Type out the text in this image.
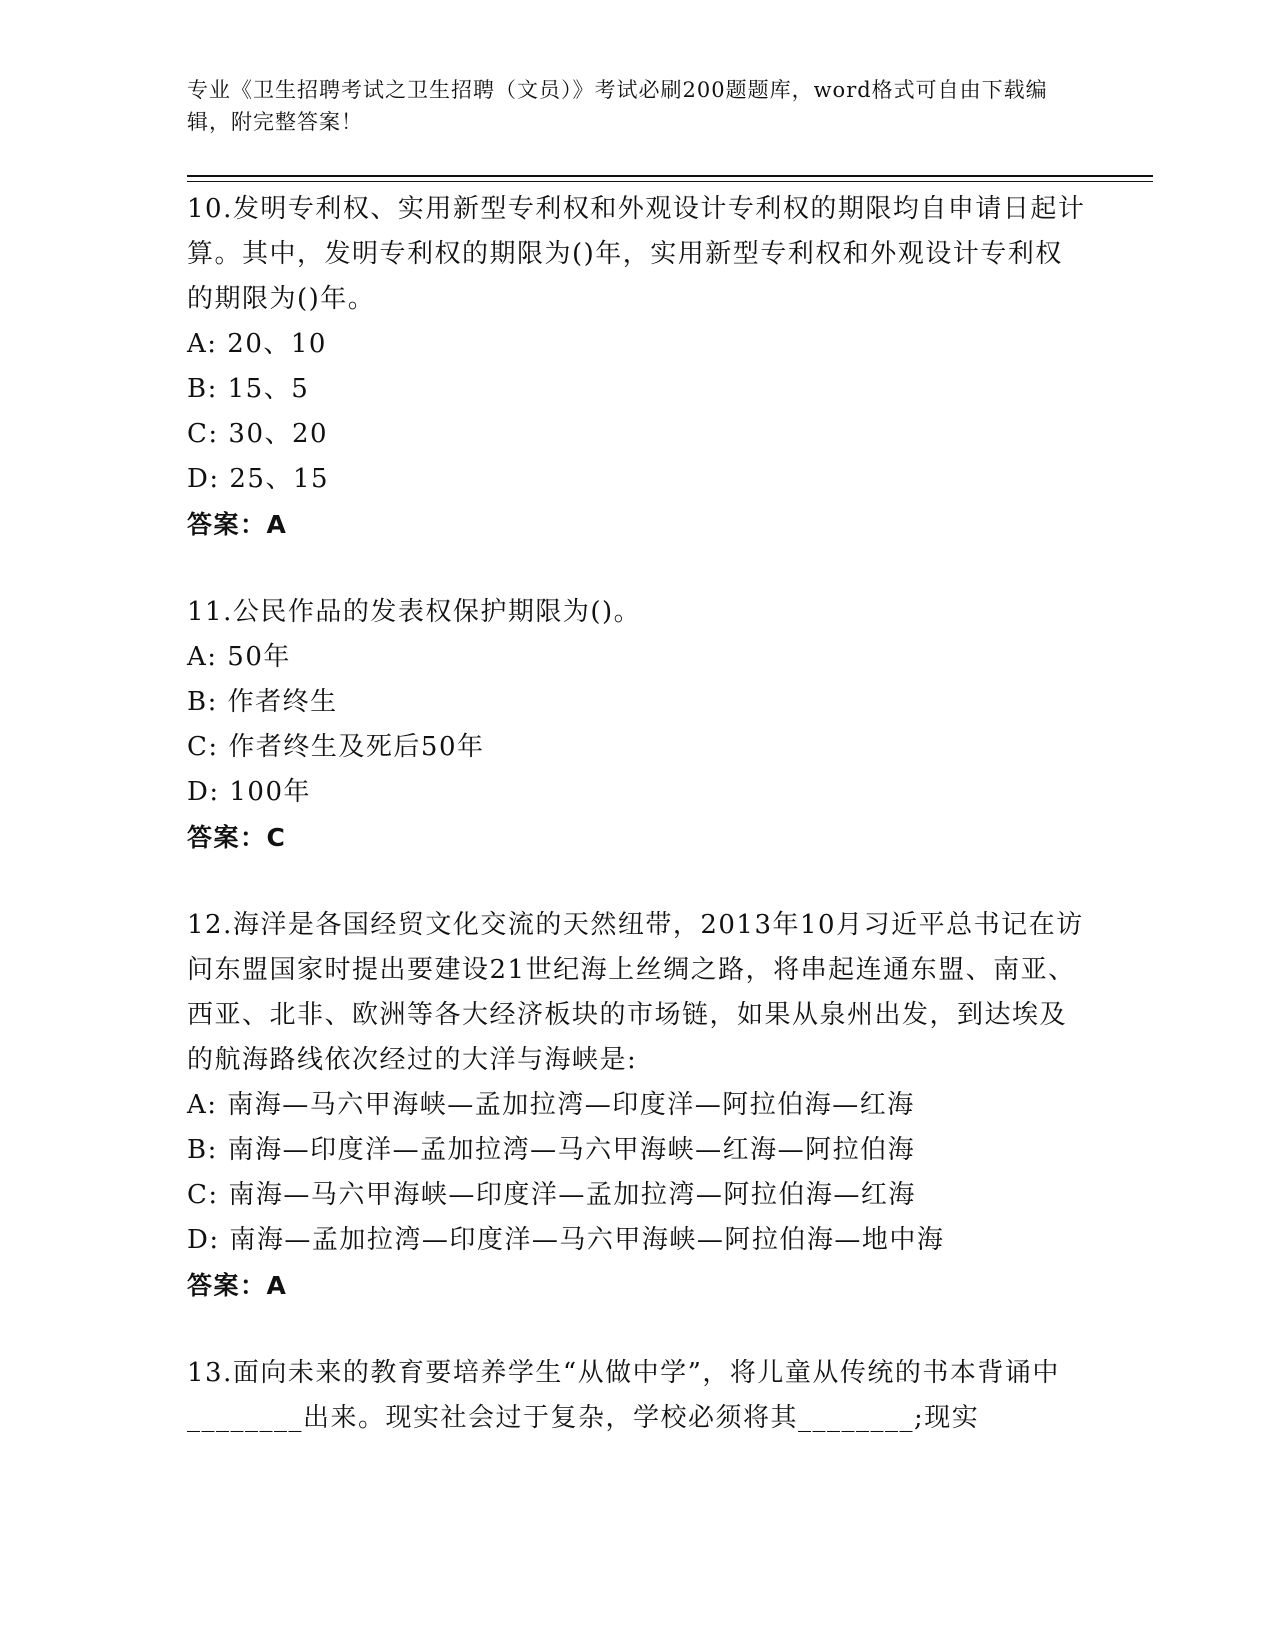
专业《卫生招聘考试之卫生招聘（文员）》考试必刷200题题库，word格式可自由下载编辑，附完整答案！

10.发明专利权、实用新型专利权和外观设计专利权的期限均自申请日起计算。其中，发明专利权的期限为()年，实用新型专利权和外观设计专利权的期限为()年。

A: 20、10

B: 15、5

C: 30、20

D: 25、15

答案：A

11.公民作品的发表权保护期限为()。

A: 50年

B: 作者终生

C: 作者终生及死后50年

D: 100年

答案：C

12.海洋是各国经贸文化交流的天然纽带，2013年10月习近平总书记在访问东盟国家时提出要建设21世纪海上丝绸之路，将串起连通东盟、南亚、西亚、北非、欧洲等各大经济板块的市场链，如果从泉州出发，到达埃及的航海路线依次经过的大洋与海峡是:

A: 南海—马六甲海峡—孟加拉湾—印度洋—阿拉伯海—红海

B: 南海—印度洋—孟加拉湾—马六甲海峡—红海—阿拉伯海

C: 南海—马六甲海峡—印度洋—孟加拉湾—阿拉伯海—红海

D: 南海—孟加拉湾—印度洋—马六甲海峡—阿拉伯海—地中海

答案：A

13.面向未来的教育要培养学生“从做中学”，将儿童从传统的书本背诵中________出来。现实社会过于复杂，学校必须将其________;现实
